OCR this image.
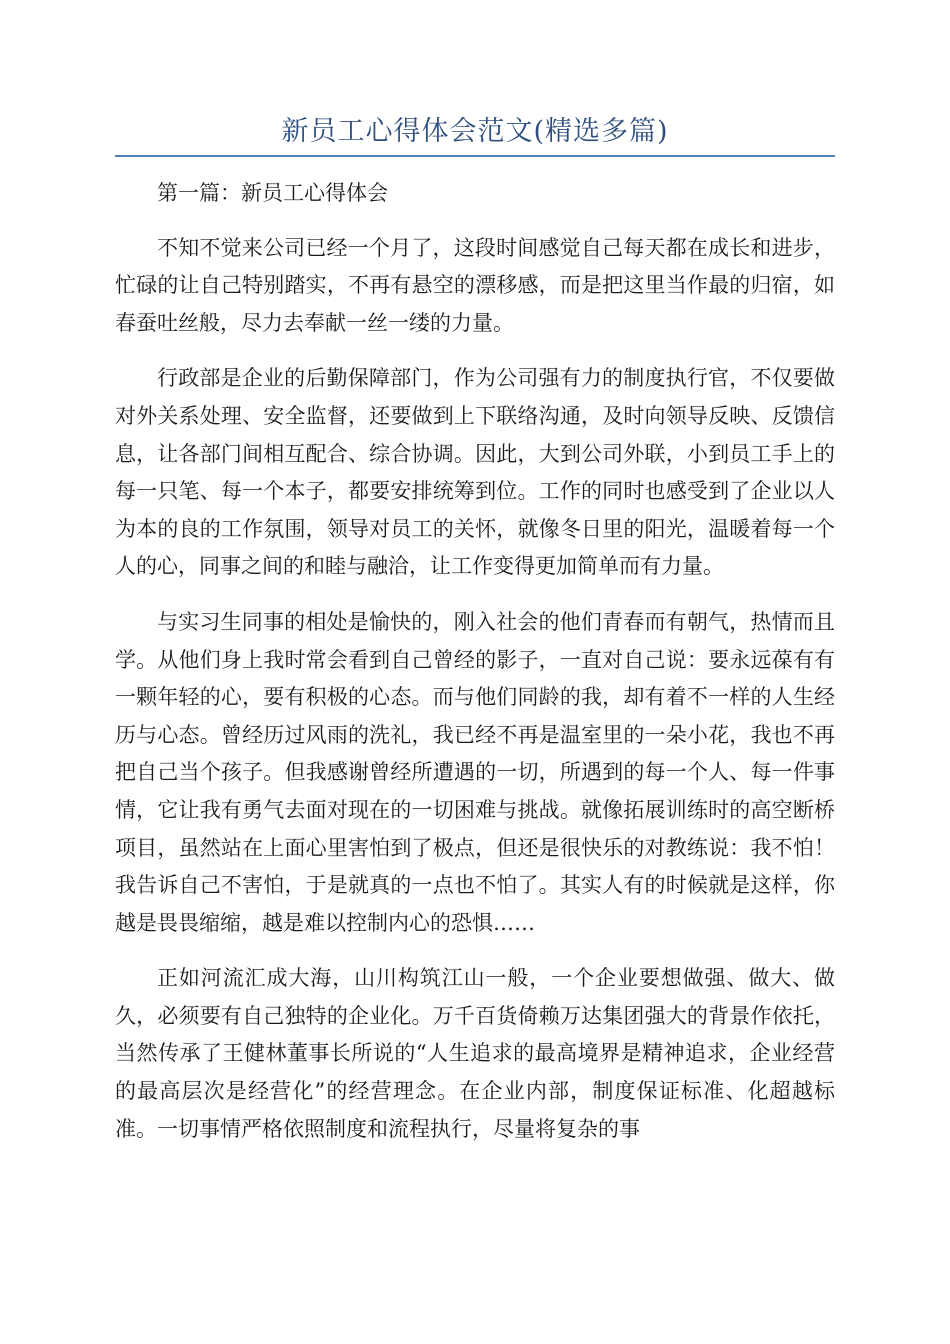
新员工心得体会范文(精选多篇)

第一篇：新员工心得体会

不知不觉来公司已经一个月了，这段时间感觉自己每天都在成长和进步，忙碌的让自己特别踏实，不再有悬空的漂移感，而是把这里当作最的归宿，如春蚕吐丝般，尽力去奉献一丝一缕的力量。

行政部是企业的后勤保障部门，作为公司强有力的制度执行官，不仅要做对外关系处理、安全监督，还要做到上下联络沟通，及时向领导反映、反馈信息，让各部门间相互配合、综合协调。因此，大到公司外联，小到员工手上的每一只笔、每一个本子，都要安排统筹到位。工作的同时也感受到了企业以人为本的良的工作氛围，领导对员工的关怀，就像冬日里的阳光，温暖着每一个人的心，同事之间的和睦与融洽，让工作变得更加简单而有力量。

与实习生同事的相处是愉快的，刚入社会的他们青春而有朝气，热情而且学。从他们身上我时常会看到自己曾经的影子，一直对自己说：要永远葆有有一颗年轻的心，要有积极的心态。而与他们同龄的我，却有着不一样的人生经历与心态。曾经历过风雨的洗礼，我已经不再是温室里的一朵小花，我也不再把自己当个孩子。但我感谢曾经所遭遇的一切，所遇到的每一个人、每一件事情，它让我有勇气去面对现在的一切困难与挑战。就像拓展训练时的高空断桥项目，虽然站在上面心里害怕到了极点，但还是很快乐的对教练说：我不怕！我告诉自己不害怕，于是就真的一点也不怕了。其实人有的时候就是这样，你越是畏畏缩缩，越是难以控制内心的恐惧……

正如河流汇成大海，山川构筑江山一般，一个企业要想做强、做大、做久，必须要有自己独特的企业化。万千百货倚赖万达集团强大的背景作依托，当然传承了王健林董事长所说的“人生追求的最高境界是精神追求，企业经营的最高层次是经营化”的经营理念。在企业内部，制度保证标准、化超越标准。一切事情严格依照制度和流程执行，尽量将复杂的事
